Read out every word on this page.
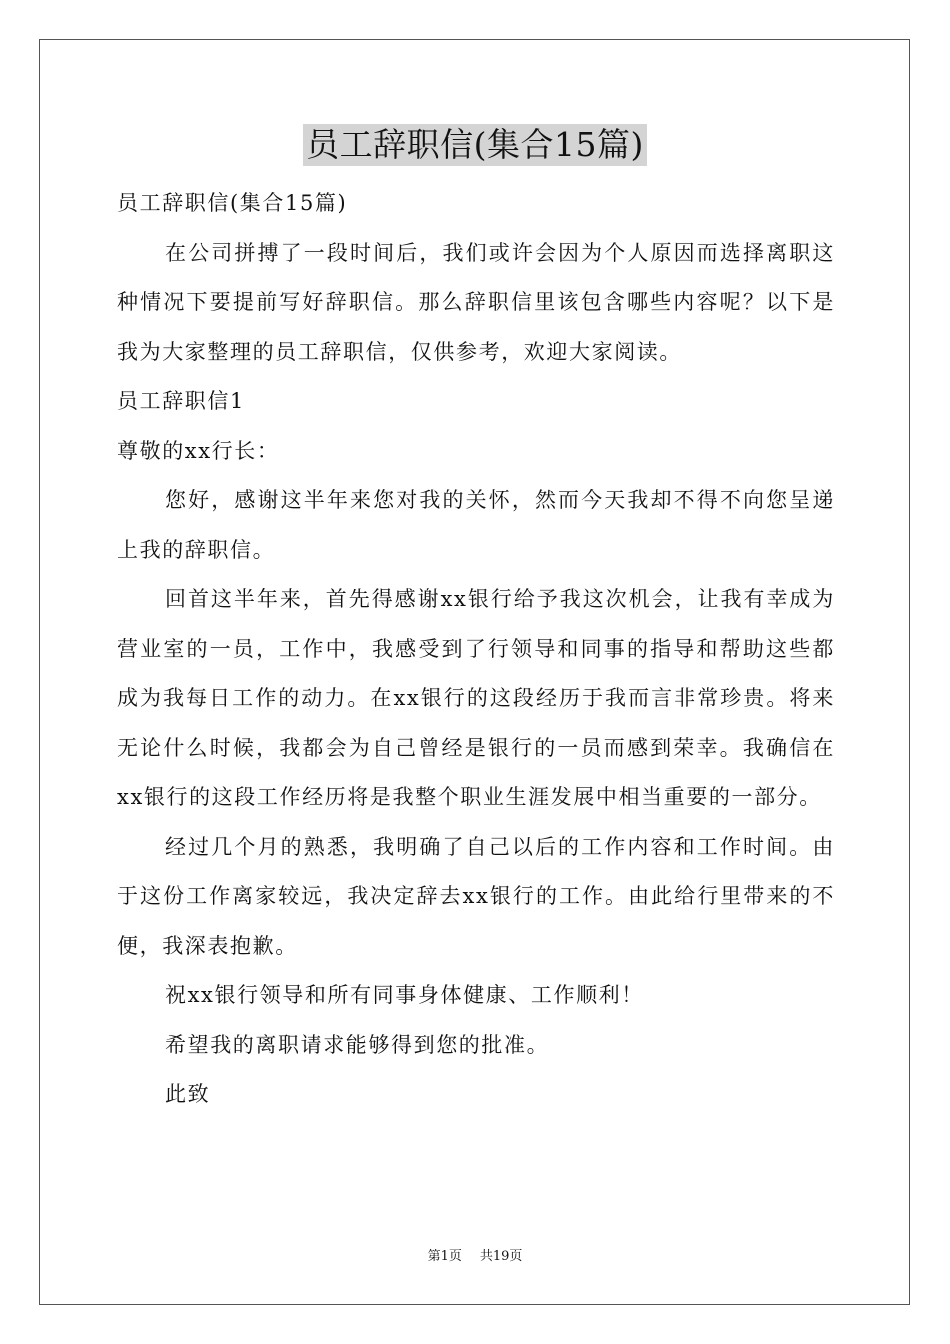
员工辞职信(集合15篇)

员工辞职信(集合15篇)

在公司拼搏了一段时间后，我们或许会因为个人原因而选择离职这种情况下要提前写好辞职信。那么辞职信里该包含哪些内容呢？以下是我为大家整理的员工辞职信，仅供参考，欢迎大家阅读。

员工辞职信1

尊敬的xx行长：

您好，感谢这半年来您对我的关怀，然而今天我却不得不向您呈递上我的辞职信。

回首这半年来，首先得感谢xx银行给予我这次机会，让我有幸成为营业室的一员，工作中，我感受到了行领导和同事的指导和帮助这些都成为我每日工作的动力。在xx银行的这段经历于我而言非常珍贵。将来无论什么时候，我都会为自己曾经是银行的一员而感到荣幸。我确信在xx银行的这段工作经历将是我整个职业生涯发展中相当重要的一部分。

经过几个月的熟悉，我明确了自己以后的工作内容和工作时间。由于这份工作离家较远，我决定辞去xx银行的工作。由此给行里带来的不便，我深表抱歉。

祝xx银行领导和所有同事身体健康、工作顺利！

希望我的离职请求能够得到您的批准。

此致

第1页 共19页
